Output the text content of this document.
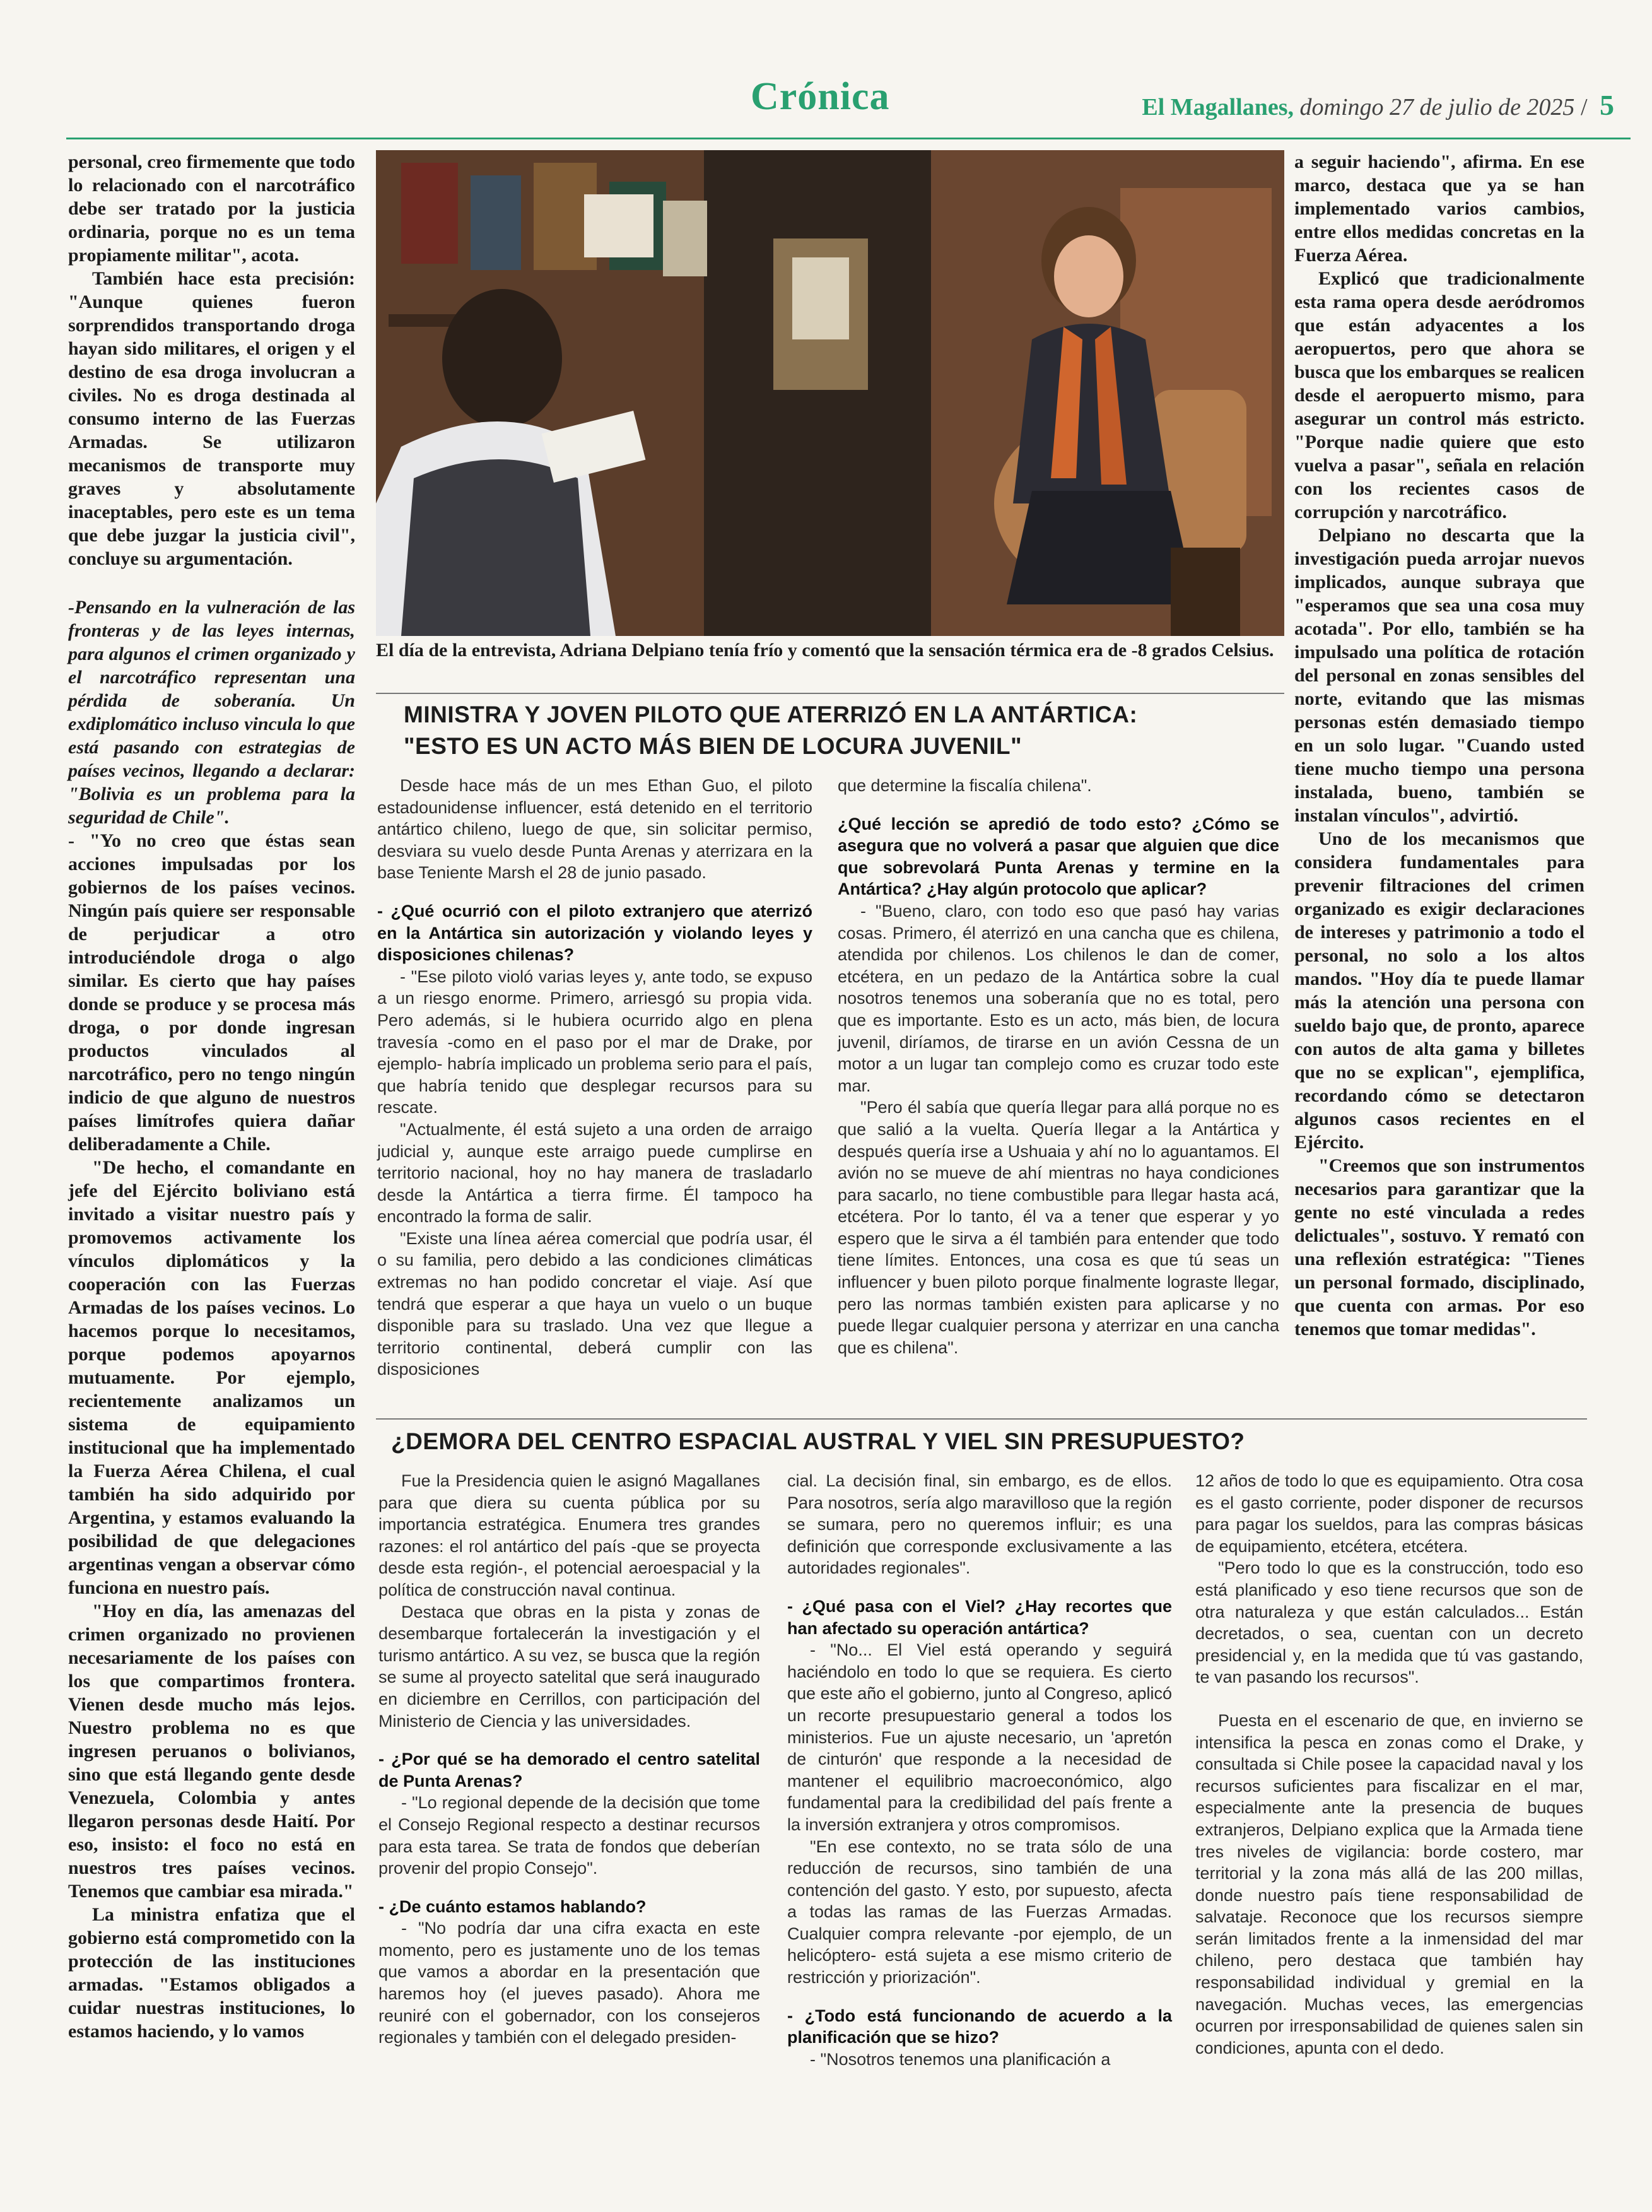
Crónica	El Magallanes, domingo 27 de julio de 2025 / 5

personal, creo firmemente que todo lo relacionado con el narcotráfico debe ser tratado por la justicia ordinaria, porque no es un tema propiamente militar", acota.

También hace esta precisión: "Aunque quienes fueron sorprendidos transportando droga hayan sido militares, el origen y el destino de esa droga involucran a civiles. No es droga destinada al consumo interno de las Fuerzas Armadas. Se utilizaron mecanismos de transporte muy graves y absolutamente inaceptables, pero este es un tema que debe juzgar la justicia civil", concluye su argumentación.

-Pensando en la vulneración de las fronteras y de las leyes internas, para algunos el crimen organizado y el narcotráfico representan una pérdida de soberanía. Un exdiplomático incluso vincula lo que está pasando con estrategias de países vecinos, llegando a declarar: "Bolivia es un problema para la seguridad de Chile".

- "Yo no creo que éstas sean acciones impulsadas por los gobiernos de los países vecinos. Ningún país quiere ser responsable de perjudicar a otro introduciéndole droga o algo similar. Es cierto que hay países donde se produce y se procesa más droga, o por donde ingresan productos vinculados al narcotráfico, pero no tengo ningún indicio de que alguno de nuestros países limítrofes quiera dañar deliberadamente a Chile.

"De hecho, el comandante en jefe del Ejército boliviano está invitado a visitar nuestro país y promovemos activamente los vínculos diplomáticos y la cooperación con las Fuerzas Armadas de los países vecinos. Lo hacemos porque lo necesitamos, porque podemos apoyarnos mutuamente. Por ejemplo, recientemente analizamos un sistema de equipamiento institucional que ha implementado la Fuerza Aérea Chilena, el cual también ha sido adquirido por Argentina, y estamos evaluando la posibilidad de que delegaciones argentinas vengan a observar cómo funciona en nuestro país.

"Hoy en día, las amenazas del crimen organizado no provienen necesariamente de los países con los que compartimos frontera. Vienen desde mucho más lejos. Nuestro problema no es que ingresen peruanos o bolivianos, sino que está llegando gente desde Venezuela, Colombia y antes llegaron personas desde Haití. Por eso, insisto: el foco no está en nuestros tres países vecinos. Tenemos que cambiar esa mirada."

La ministra enfatiza que el gobierno está comprometido con la protección de las instituciones armadas. "Estamos obligados a cuidar nuestras instituciones, lo estamos haciendo, y lo vamos

El día de la entrevista, Adriana Delpiano tenía frío y comentó que la sensación térmica era de -8 grados Celsius.

a seguir haciendo", afirma. En ese marco, destaca que ya se han implementado varios cambios, entre ellos medidas concretas en la Fuerza Aérea.

Explicó que tradicionalmente esta rama opera desde aeródromos que están adyacentes a los aeropuertos, pero que ahora se busca que los embarques se realicen desde el aeropuerto mismo, para asegurar un control más estricto. "Porque nadie quiere que esto vuelva a pasar", señala en relación con los recientes casos de corrupción y narcotráfico.

Delpiano no descarta que la investigación pueda arrojar nuevos implicados, aunque subraya que "esperamos que sea una cosa muy acotada". Por ello, también se ha impulsado una política de rotación del personal en zonas sensibles del norte, evitando que las mismas personas estén demasiado tiempo en un solo lugar. "Cuando usted tiene mucho tiempo una persona instalada, bueno, también se instalan vínculos", advirtió.

Uno de los mecanismos que considera fundamentales para prevenir filtraciones del crimen organizado es exigir declaraciones de intereses y patrimonio a todo el personal, no solo a los altos mandos. "Hoy día te puede llamar más la atención una persona con sueldo bajo que, de pronto, aparece con autos de alta gama y billetes que no se explican", ejemplifica, recordando cómo se detectaron algunos casos recientes en el Ejército.

"Creemos que son instrumentos necesarios para garantizar que la gente no esté vinculada a redes delictuales", sostuvo. Y remató con una reflexión estratégica: "Tienes un personal formado, disciplinado, que cuenta con armas. Por eso tenemos que tomar medidas".

MINISTRA Y JOVEN PILOTO QUE ATERRIZÓ EN LA ANTÁRTICA:
"ESTO ES UN ACTO MÁS BIEN DE LOCURA JUVENIL"

Desde hace más de un mes Ethan Guo, el piloto estadounidense influencer, está detenido en el territorio antártico chileno, luego de que, sin solicitar permiso, desviara su vuelo desde Punta Arenas y aterrizara en la base Teniente Marsh el 28 de junio pasado.

- ¿Qué ocurrió con el piloto extranjero que aterrizó en la Antártica sin autorización y violando leyes y disposiciones chilenas?

- "Ese piloto violó varias leyes y, ante todo, se expuso a un riesgo enorme. Primero, arriesgó su propia vida. Pero además, si le hubiera ocurrido algo en plena travesía -como en el paso por el mar de Drake, por ejemplo- habría implicado un problema serio para el país, que habría tenido que desplegar recursos para su rescate.

"Actualmente, él está sujeto a una orden de arraigo judicial y, aunque este arraigo puede cumplirse en territorio nacional, hoy no hay manera de trasladarlo desde la Antártica a tierra firme. Él tampoco ha encontrado la forma de salir.

"Existe una línea aérea comercial que podría usar, él o su familia, pero debido a las condiciones climáticas extremas no han podido concretar el viaje. Así que tendrá que esperar a que haya un vuelo o un buque disponible para su traslado. Una vez que llegue a territorio continental, deberá cumplir con las disposiciones

que determine la fiscalía chilena".

¿Qué lección se apredió de todo esto? ¿Cómo se asegura que no volverá a pasar que alguien que dice que sobrevolará Punta Arenas y termine en la Antártica? ¿Hay algún protocolo que aplicar?

- "Bueno, claro, con todo eso que pasó hay varias cosas. Primero, él aterrizó en una cancha que es chilena, atendida por chilenos. Los chilenos le dan de comer, etcétera, en un pedazo de la Antártica sobre la cual nosotros tenemos una soberanía que no es total, pero que es importante. Esto es un acto, más bien, de locura juvenil, diríamos, de tirarse en un avión Cessna de un motor a un lugar tan complejo como es cruzar todo este mar.

"Pero él sabía que quería llegar para allá porque no es que salió a la vuelta. Quería llegar a la Antártica y después quería irse a Ushuaia y ahí no lo aguantamos. El avión no se mueve de ahí mientras no haya condiciones para sacarlo, no tiene combustible para llegar hasta acá, etcétera. Por lo tanto, él va a tener que esperar y yo espero que le sirva a él también para entender que todo tiene límites. Entonces, una cosa es que tú seas un influencer y buen piloto porque finalmente lograste llegar, pero las normas también existen para aplicarse y no puede llegar cualquier persona y aterrizar en una cancha que es chilena".

¿DEMORA DEL CENTRO ESPACIAL AUSTRAL Y VIEL SIN PRESUPUESTO?

Fue la Presidencia quien le asignó Magallanes para que diera su cuenta pública por su importancia estratégica. Enumera tres grandes razones: el rol antártico del país -que se proyecta desde esta región-, el potencial aeroespacial y la política de construcción naval continua.

Destaca que obras en la pista y zonas de desembarque fortalecerán la investigación y el turismo antártico. A su vez, se busca que la región se sume al proyecto satelital que será inaugurado en diciembre en Cerrillos, con participación del Ministerio de Ciencia y las universidades.

- ¿Por qué se ha demorado el centro satelital de Punta Arenas?

- "Lo regional depende de la decisión que tome el Consejo Regional respecto a destinar recursos para esta tarea. Se trata de fondos que deberían provenir del propio Consejo".

- ¿De cuánto estamos hablando?

- "No podría dar una cifra exacta en este momento, pero es justamente uno de los temas que vamos a abordar en la presentación que haremos hoy (el jueves pasado). Ahora me reuniré con el gobernador, con los consejeros regionales y también con el delegado presiden-

cial. La decisión final, sin embargo, es de ellos. Para nosotros, sería algo maravilloso que la región se sumara, pero no queremos influir; es una definición que corresponde exclusivamente a las autoridades regionales".

- ¿Qué pasa con el Viel? ¿Hay recortes que han afectado su operación antártica?

- "No... El Viel está operando y seguirá haciéndolo en todo lo que se requiera. Es cierto que este año el gobierno, junto al Congreso, aplicó un recorte presupuestario general a todos los ministerios. Fue un ajuste necesario, un 'apretón de cinturón' que responde a la necesidad de mantener el equilibrio macroeconómico, algo fundamental para la credibilidad del país frente a la inversión extranjera y otros compromisos.

"En ese contexto, no se trata sólo de una reducción de recursos, sino también de una contención del gasto. Y esto, por supuesto, afecta a todas las ramas de las Fuerzas Armadas. Cualquier compra relevante -por ejemplo, de un helicóptero- está sujeta a ese mismo criterio de restricción y priorización".

- ¿Todo está funcionando de acuerdo a la planificación que se hizo?

- "Nosotros tenemos una planificación a

12 años de todo lo que es equipamiento. Otra cosa es el gasto corriente, poder disponer de recursos para pagar los sueldos, para las compras básicas de equipamiento, etcétera, etcétera.

"Pero todo lo que es la construcción, todo eso está planificado y eso tiene recursos que son de otra naturaleza y que están calculados... Están decretados, o sea, cuentan con un decreto presidencial y, en la medida que tú vas gastando, te van pasando los recursos".

Puesta en el escenario de que, en invierno se intensifica la pesca en zonas como el Drake, y consultada si Chile posee la capacidad naval y los recursos suficientes para fiscalizar en el mar, especialmente ante la presencia de buques extranjeros, Delpiano explica que la Armada tiene tres niveles de vigilancia: borde costero, mar territorial y la zona más allá de las 200 millas, donde nuestro país tiene responsabilidad de salvataje. Reconoce que los recursos siempre serán limitados frente a la inmensidad del mar chileno, pero destaca que también hay responsabilidad individual y gremial en la navegación. Muchas veces, las emergencias ocurren por irresponsabilidad de quienes salen sin condiciones, apunta con el dedo.
